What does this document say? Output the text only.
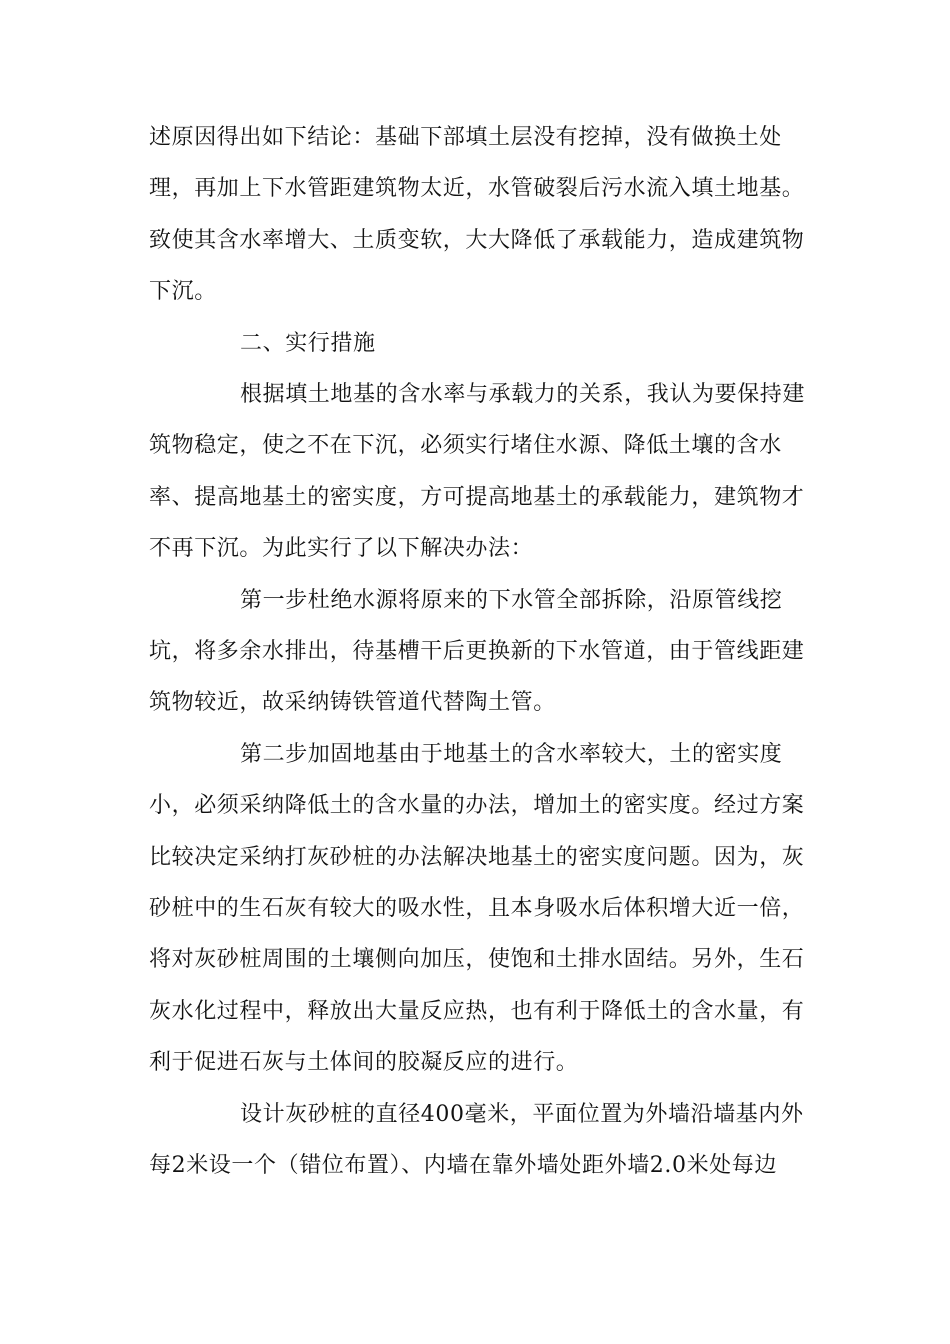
述原因得出如下结论：基础下部填土层没有挖掉，没有做换土处
理，再加上下水管距建筑物太近，水管破裂后污水流入填土地基。
致使其含水率增大、土质变软，大大降低了承载能力，造成建筑物
下沉。
二、实行措施
根据填土地基的含水率与承载力的关系，我认为要保持建
筑物稳定，使之不在下沉，必须实行堵住水源、降低土壤的含水
率、提高地基土的密实度，方可提高地基土的承载能力，建筑物才
不再下沉。为此实行了以下解决办法：
第一步杜绝水源将原来的下水管全部拆除，沿原管线挖
坑，将多余水排出，待基槽干后更换新的下水管道，由于管线距建
筑物较近，故采纳铸铁管道代替陶土管。
第二步加固地基由于地基土的含水率较大，土的密实度
小，必须采纳降低土的含水量的办法，增加土的密实度。经过方案
比较决定采纳打灰砂桩的办法解决地基土的密实度问题。因为，灰
砂桩中的生石灰有较大的吸水性，且本身吸水后体积增大近一倍，
将对灰砂桩周围的土壤侧向加压，使饱和土排水固结。另外，生石
灰水化过程中，释放出大量反应热，也有利于降低土的含水量，有
利于促进石灰与土体间的胶凝反应的进行。
设计灰砂桩的直径400毫米，平面位置为外墙沿墙基内外
每2米设一个（错位布置）、内墙在靠外墙处距外墙2.0米处每边
